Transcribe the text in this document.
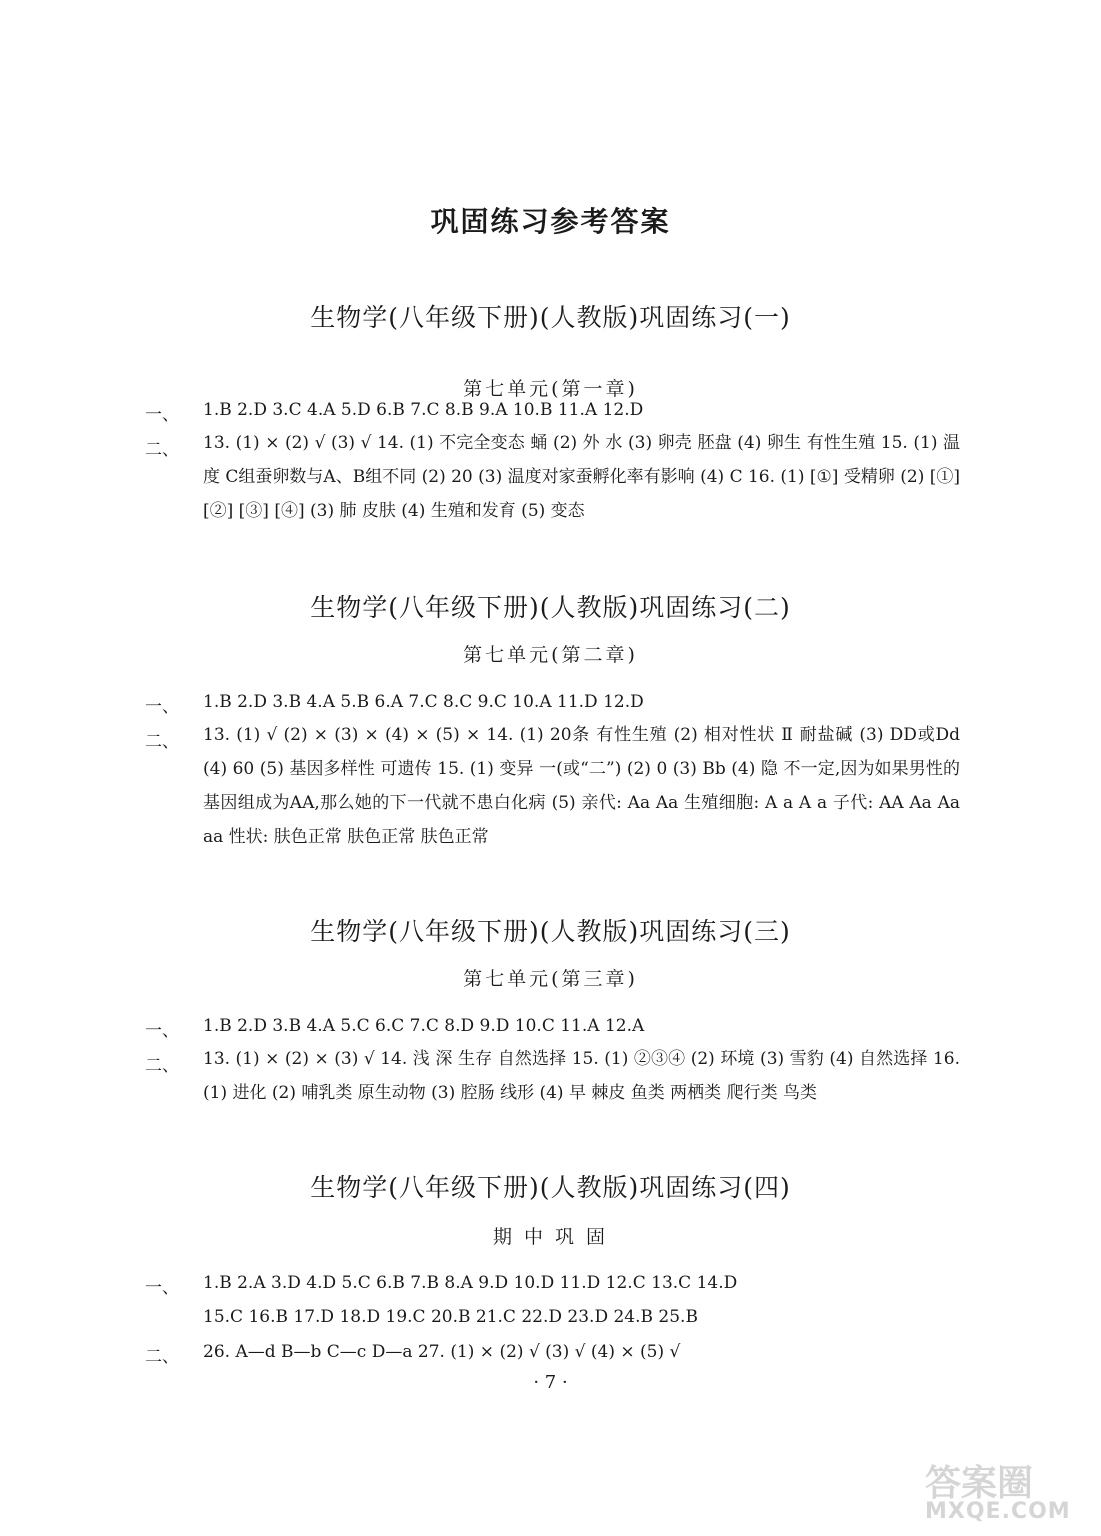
巩固练习参考答案
生物学(八年级下册)(人教版)巩固练习(一)
第七单元(第一章)
一、	1.B 2.D 3.C 4.A 5.D 6.B 7.C 8.B 9.A 10.B 11.A 12.D
二、	13. (1) × (2) √ (3) √ 14. (1) 不完全变态 蛹 (2) 外 水 (3) 卵壳 胚盘 (4) 卵生 有性生殖 15. (1) 温度 C组蚕卵数与A、B组不同 (2) 20 (3) 温度对家蚕孵化率有影响 (4) C 16. (1) [①] 受精卵 (2) [①] [②] [③] [④] (3) 肺 皮肤 (4) 生殖和发育 (5) 变态
生物学(八年级下册)(人教版)巩固练习(二)
第七单元(第二章)
一、	1.B 2.D 3.B 4.A 5.B 6.A 7.C 8.C 9.C 10.A 11.D 12.D
二、	13. (1) √ (2) × (3) × (4) × (5) × 14. (1) 20条 有性生殖 (2) 相对性状 Ⅱ 耐盐碱 (3) DD或Dd (4) 60 (5) 基因多样性 可遗传 15. (1) 变异 一(或“二”) (2) 0 (3) Bb (4) 隐 不一定,因为如果男性的基因组成为AA,那么她的下一代就不患白化病 (5) 亲代: Aa Aa 生殖细胞: A a A a 子代: AA Aa Aa aa 性状: 肤色正常 肤色正常 肤色正常
生物学(八年级下册)(人教版)巩固练习(三)
第七单元(第三章)
一、	1.B 2.D 3.B 4.A 5.C 6.C 7.C 8.D 9.D 10.C 11.A 12.A
二、	13. (1) × (2) × (3) √ 14. 浅 深 生存 自然选择 15. (1) ②③④ (2) 环境 (3) 雪豹 (4) 自然选择 16. (1) 进化 (2) 哺乳类 原生动物 (3) 腔肠 线形 (4) 早 棘皮 鱼类 两栖类 爬行类 鸟类
生物学(八年级下册)(人教版)巩固练习(四)
期 中 巩 固
一、	1.B 2.A 3.D 4.D 5.C 6.B 7.B 8.A 9.D 10.D 11.D 12.C 13.C 14.D
15.C 16.B 17.D 18.D 19.C 20.B 21.C 22.D 23.D 24.B 25.B
二、	26. A—d B—b C—c D—a 27. (1) × (2) √ (3) √ (4) × (5) √
· 7 ·
答案圈
MXQE.COM
